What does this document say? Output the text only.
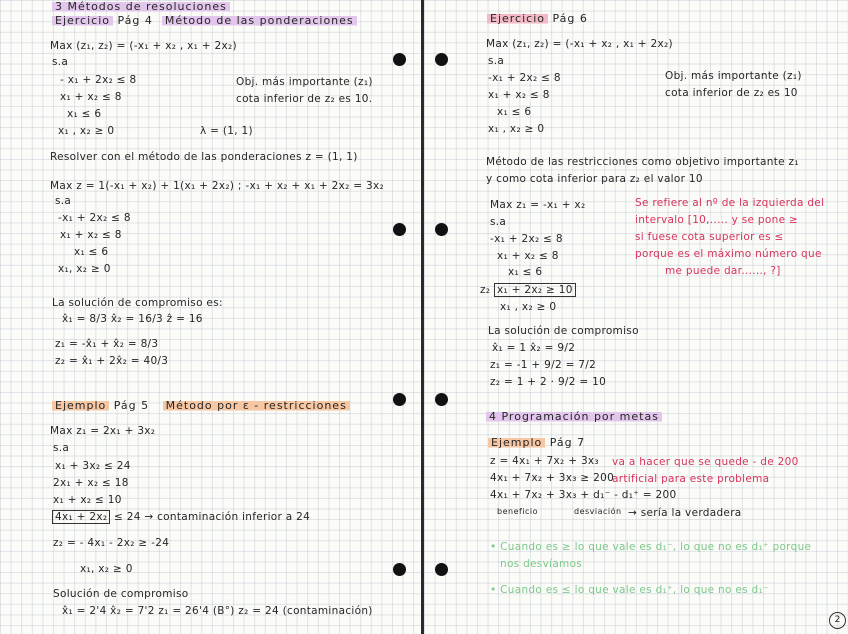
3 Métodos de resoluciones
Ejercicio Pág 4 Método de las ponderaciones
Max (z₁, z₂) = (-x₁ + x₂ , x₁ + 2x₂)
s.a
- x₁ + 2x₂ ≤ 8
x₁ + x₂ ≤ 8
x₁ ≤ 6
x₁ , x₂ ≥ 0
Obj. más importante (z₁)
cota inferior de z₂ es 10.
λ = (1, 1)
Resolver con el método de las ponderaciones z = (1, 1)
Max z = 1(-x₁ + x₂) + 1(x₁ + 2x₂) ; -x₁ + x₂ + x₁ + 2x₂ = 3x₂
s.a
-x₁ + 2x₂ ≤ 8
x₁ + x₂ ≤ 8
x₁ ≤ 6
x₁, x₂ ≥ 0
La solución de compromiso es:
x̂₁ = 8/3 x̂₂ = 16/3 ẑ = 16
z₁ = -x̂₁ + x̂₂ = 8/3
z₂ = x̂₁ + 2x̂₂ = 40/3
Ejemplo Pág 5 Método por ε - restricciones
Max z₁ = 2x₁ + 3x₂
s.a
x₁ + 3x₂ ≤ 24
2x₁ + x₂ ≤ 18
x₁ + x₂ ≤ 10
4x₁ + 2x₂ ≤ 24 → contaminación inferior a 24
z₂ = - 4x₁ - 2x₂ ≥ -24
x₁, x₂ ≥ 0
Solución de compromiso
x̂₁ = 2'4 x̂₂ = 7'2 z₁ = 26'4 (B°) z₂ = 24 (contaminación)
Ejercicio Pág 6
Max (z₁, z₂) = (-x₁ + x₂ , x₁ + 2x₂)
s.a
-x₁ + 2x₂ ≤ 8
x₁ + x₂ ≤ 8
x₁ ≤ 6
x₁ , x₂ ≥ 0
Obj. más importante (z₁)
cota inferior de z₂ es 10
Método de las restricciones como objetivo importante z₁
y como cota inferior para z₂ el valor 10
Max z₁ = -x₁ + x₂
s.a
-x₁ + 2x₂ ≤ 8
x₁ + x₂ ≤ 8
x₁ ≤ 6
z₂ x₁ + 2x₂ ≥ 10
x₁ , x₂ ≥ 0
Se refiere al nº de la izquierda del
intervalo [10,..... y se pone ≥
si fuese cota superior es ≤
porque es el máximo número que
me puede dar......, ?]
La solución de compromiso
x̂₁ = 1 x̂₂ = 9/2
z₁ = -1 + 9/2 = 7/2
z₂ = 1 + 2 · 9/2 = 10
4 Programación por metas
Ejemplo Pág 7
z = 4x₁ + 7x₂ + 3x₃ va a hacer que se quede - de 200
4x₁ + 7x₂ + 3x₃ ≥ 200
artificial para este problema
4x₁ + 7x₂ + 3x₃ + d₁⁻ - d₁⁺ = 200
beneficio	desviación → sería la verdadera
• Cuando es ≥ lo que vale es d₁⁻, lo que no es d₁⁺ porque
nos desvíamos
• Cuando es ≤ lo que vale es d₁⁺, lo que no es d₁⁻
2
